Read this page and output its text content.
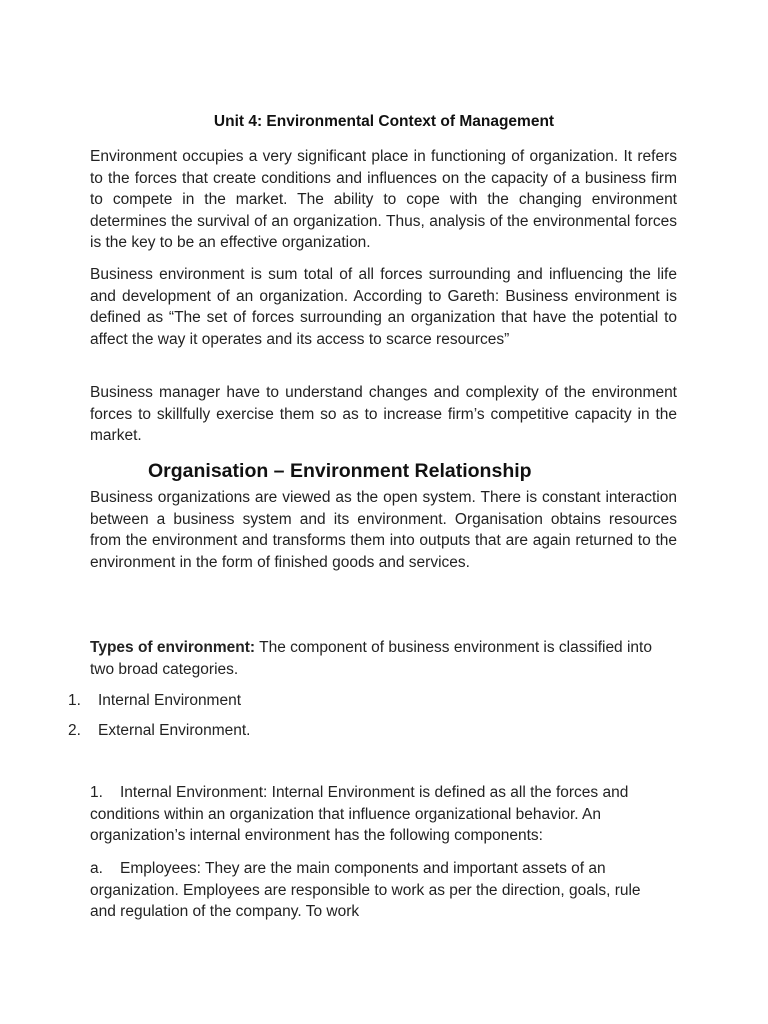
Unit 4: Environmental Context of Management

Environment occupies a very significant place in functioning of organization. It refers to the forces that create conditions and influences on the capacity of a business firm to compete in the market. The ability to cope with the changing environment determines the survival of an organization. Thus, analysis of the environmental forces is the key to be an effective organization.

Business environment is sum total of all forces surrounding and influencing the life and development of an organization. According to Gareth: Business environment is defined as “The set of forces surrounding an organization that have the potential to affect the way it operates and its access to scarce resources”

Business manager have to understand changes and complexity of the environment forces to skillfully exercise them so as to increase firm’s competitive capacity in the market.

Organisation – Environment Relationship

Business organizations are viewed as the open system. There is constant interaction between a business system and its environment. Organisation obtains resources from the environment and transforms them into outputs that are again returned to the environment in the form of finished goods and services.

Types of environment: The component of business environment is classified into two broad categories.

1. Internal Environment
2. External Environment.

1. Internal Environment: Internal Environment is defined as all the forces and conditions within an organization that influence organizational behavior. An organization’s internal environment has the following components:

a. Employees: They are the main components and important assets of an organization. Employees are responsible to work as per the direction, goals, rule and regulation of the company. To work
